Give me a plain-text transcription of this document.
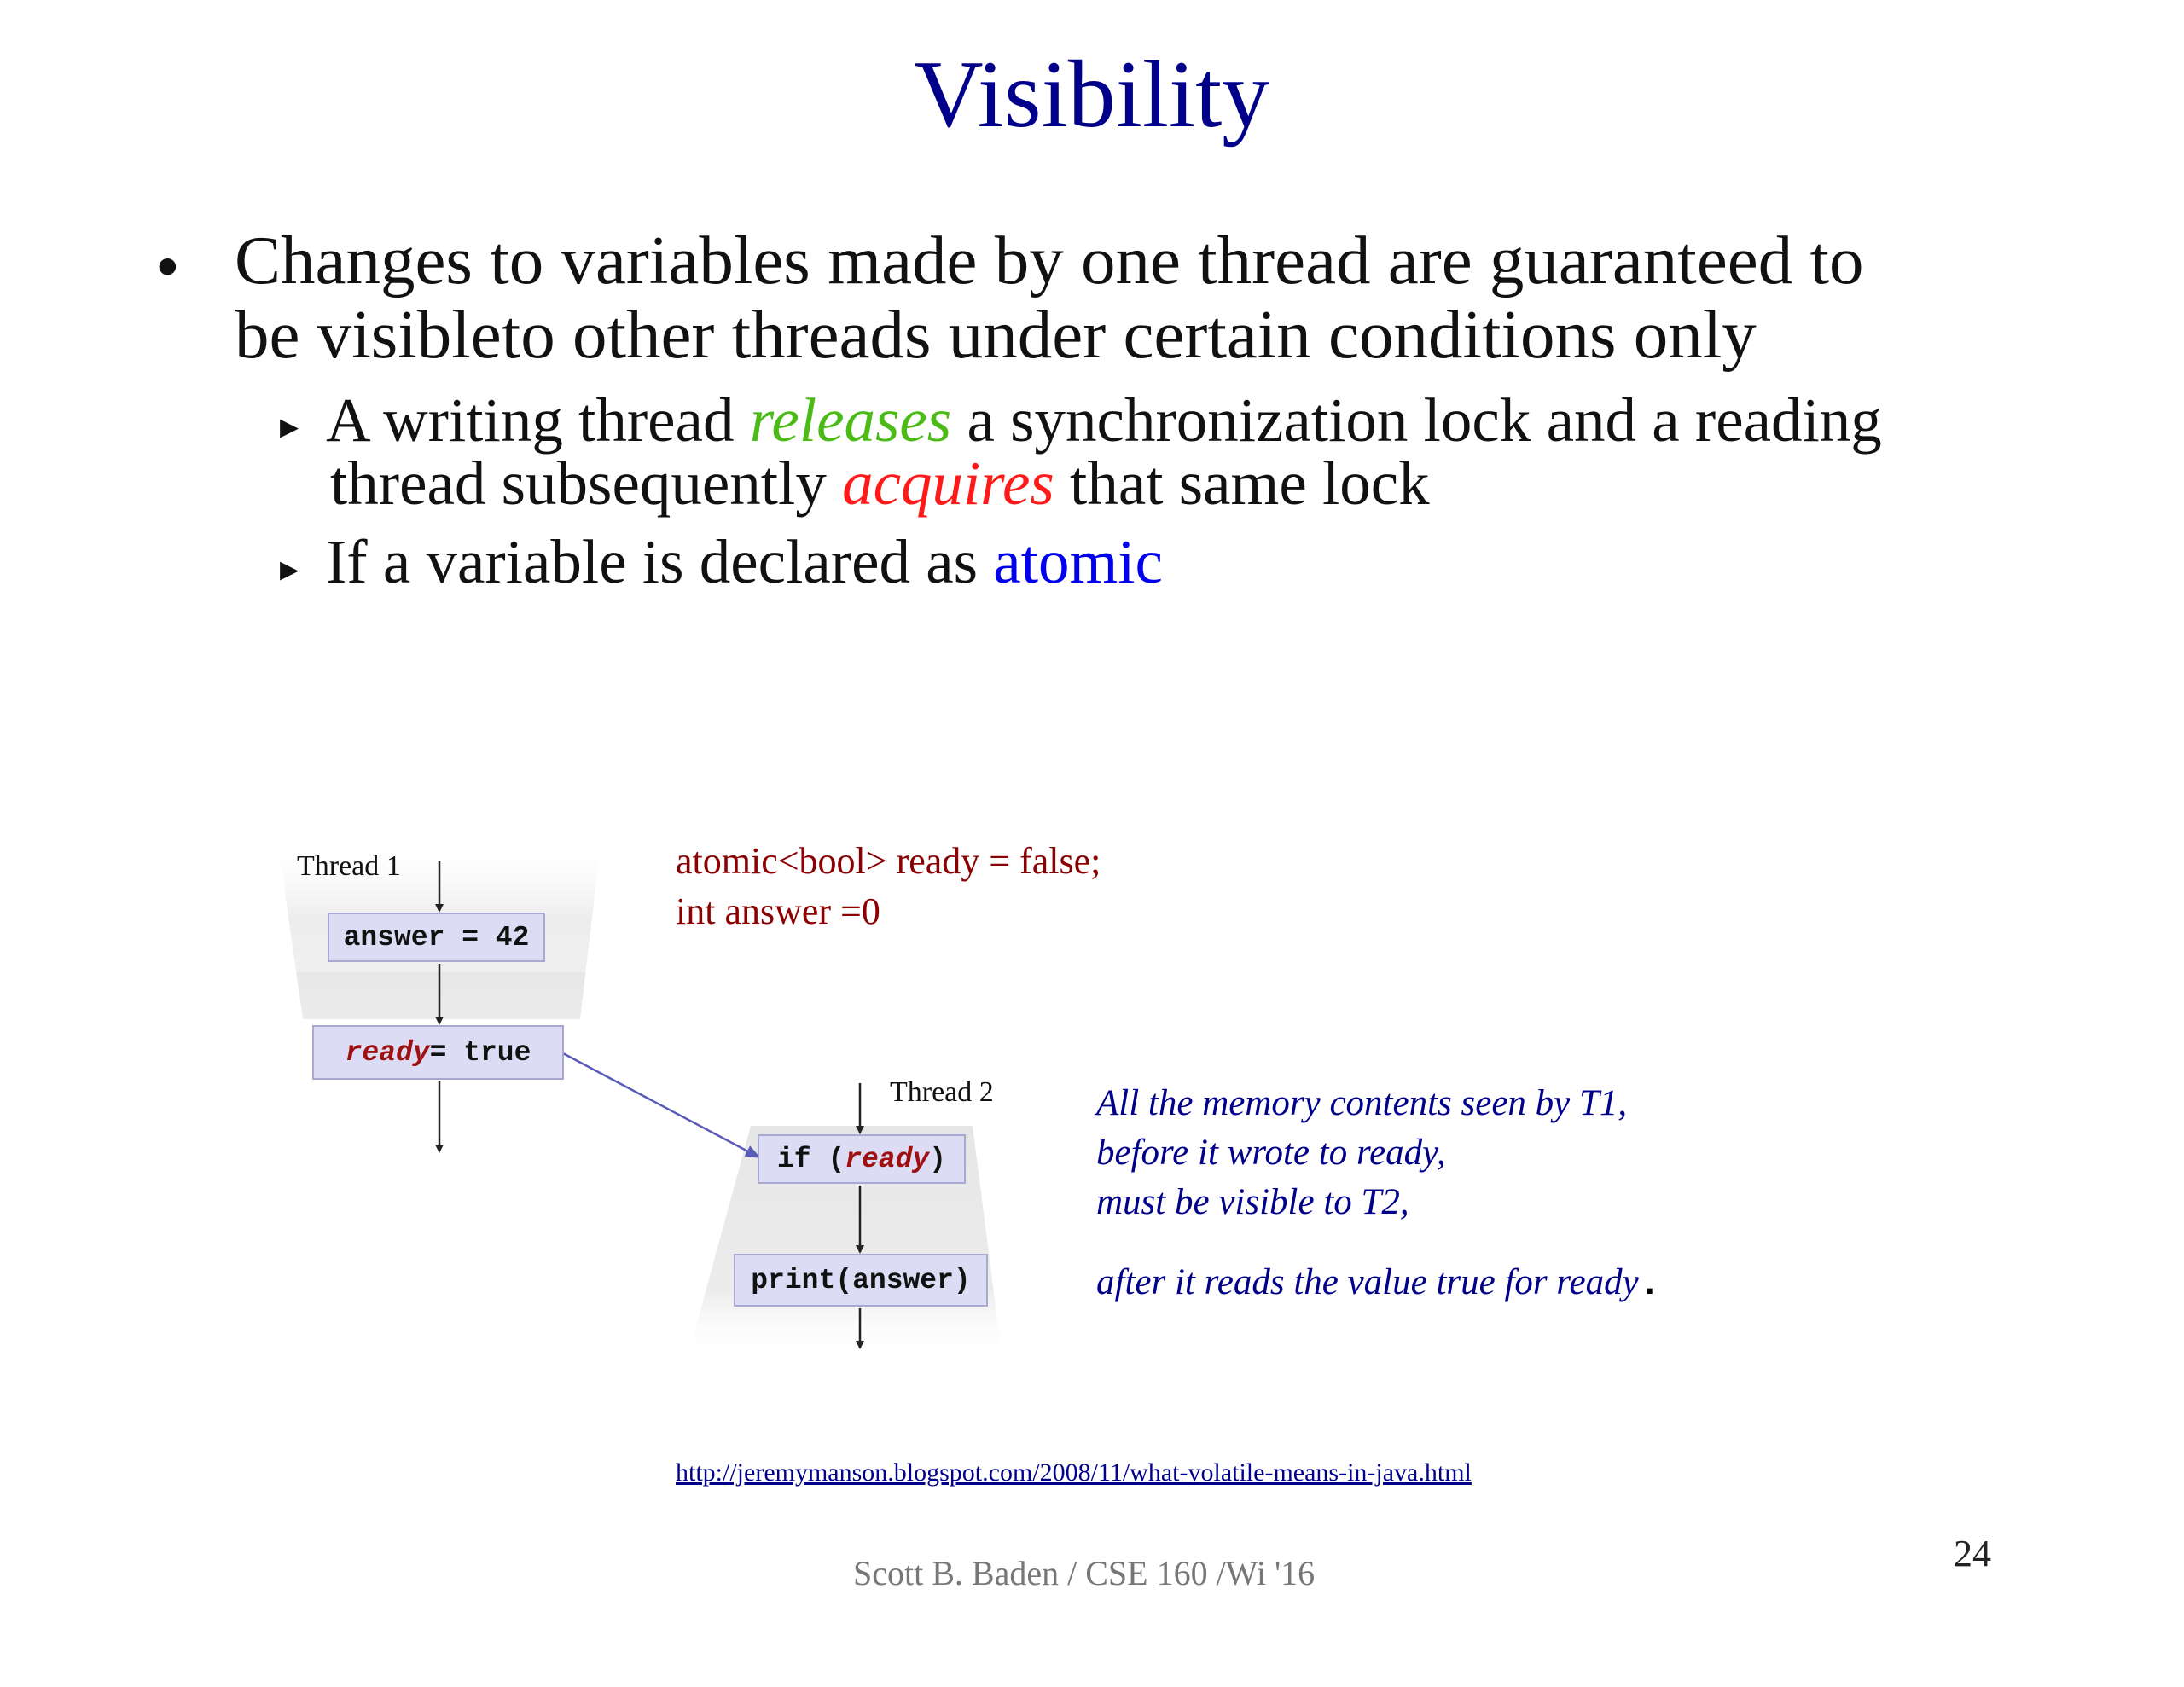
Visibility
• Changes to variables made by one thread are guaranteed to
be visibleto other threads under certain conditions only
▸ A writing thread releases a synchronization lock and a reading
thread subsequently acquires that same lock
▸ If a variable is declared as atomic
Thread 1
Thread 2
answer = 42
ready = true
if ( ready )
print(answer)
atomic<bool> ready = false;
int answer =0
All the memory contents seen by T1,
before it wrote to ready,
must be visible to T2,
after it reads the value true for ready.
http://jeremymanson.blogspot.com/2008/11/what-volatile-means-in-java.html
Scott B. Baden / CSE 160 /Wi '16	24
